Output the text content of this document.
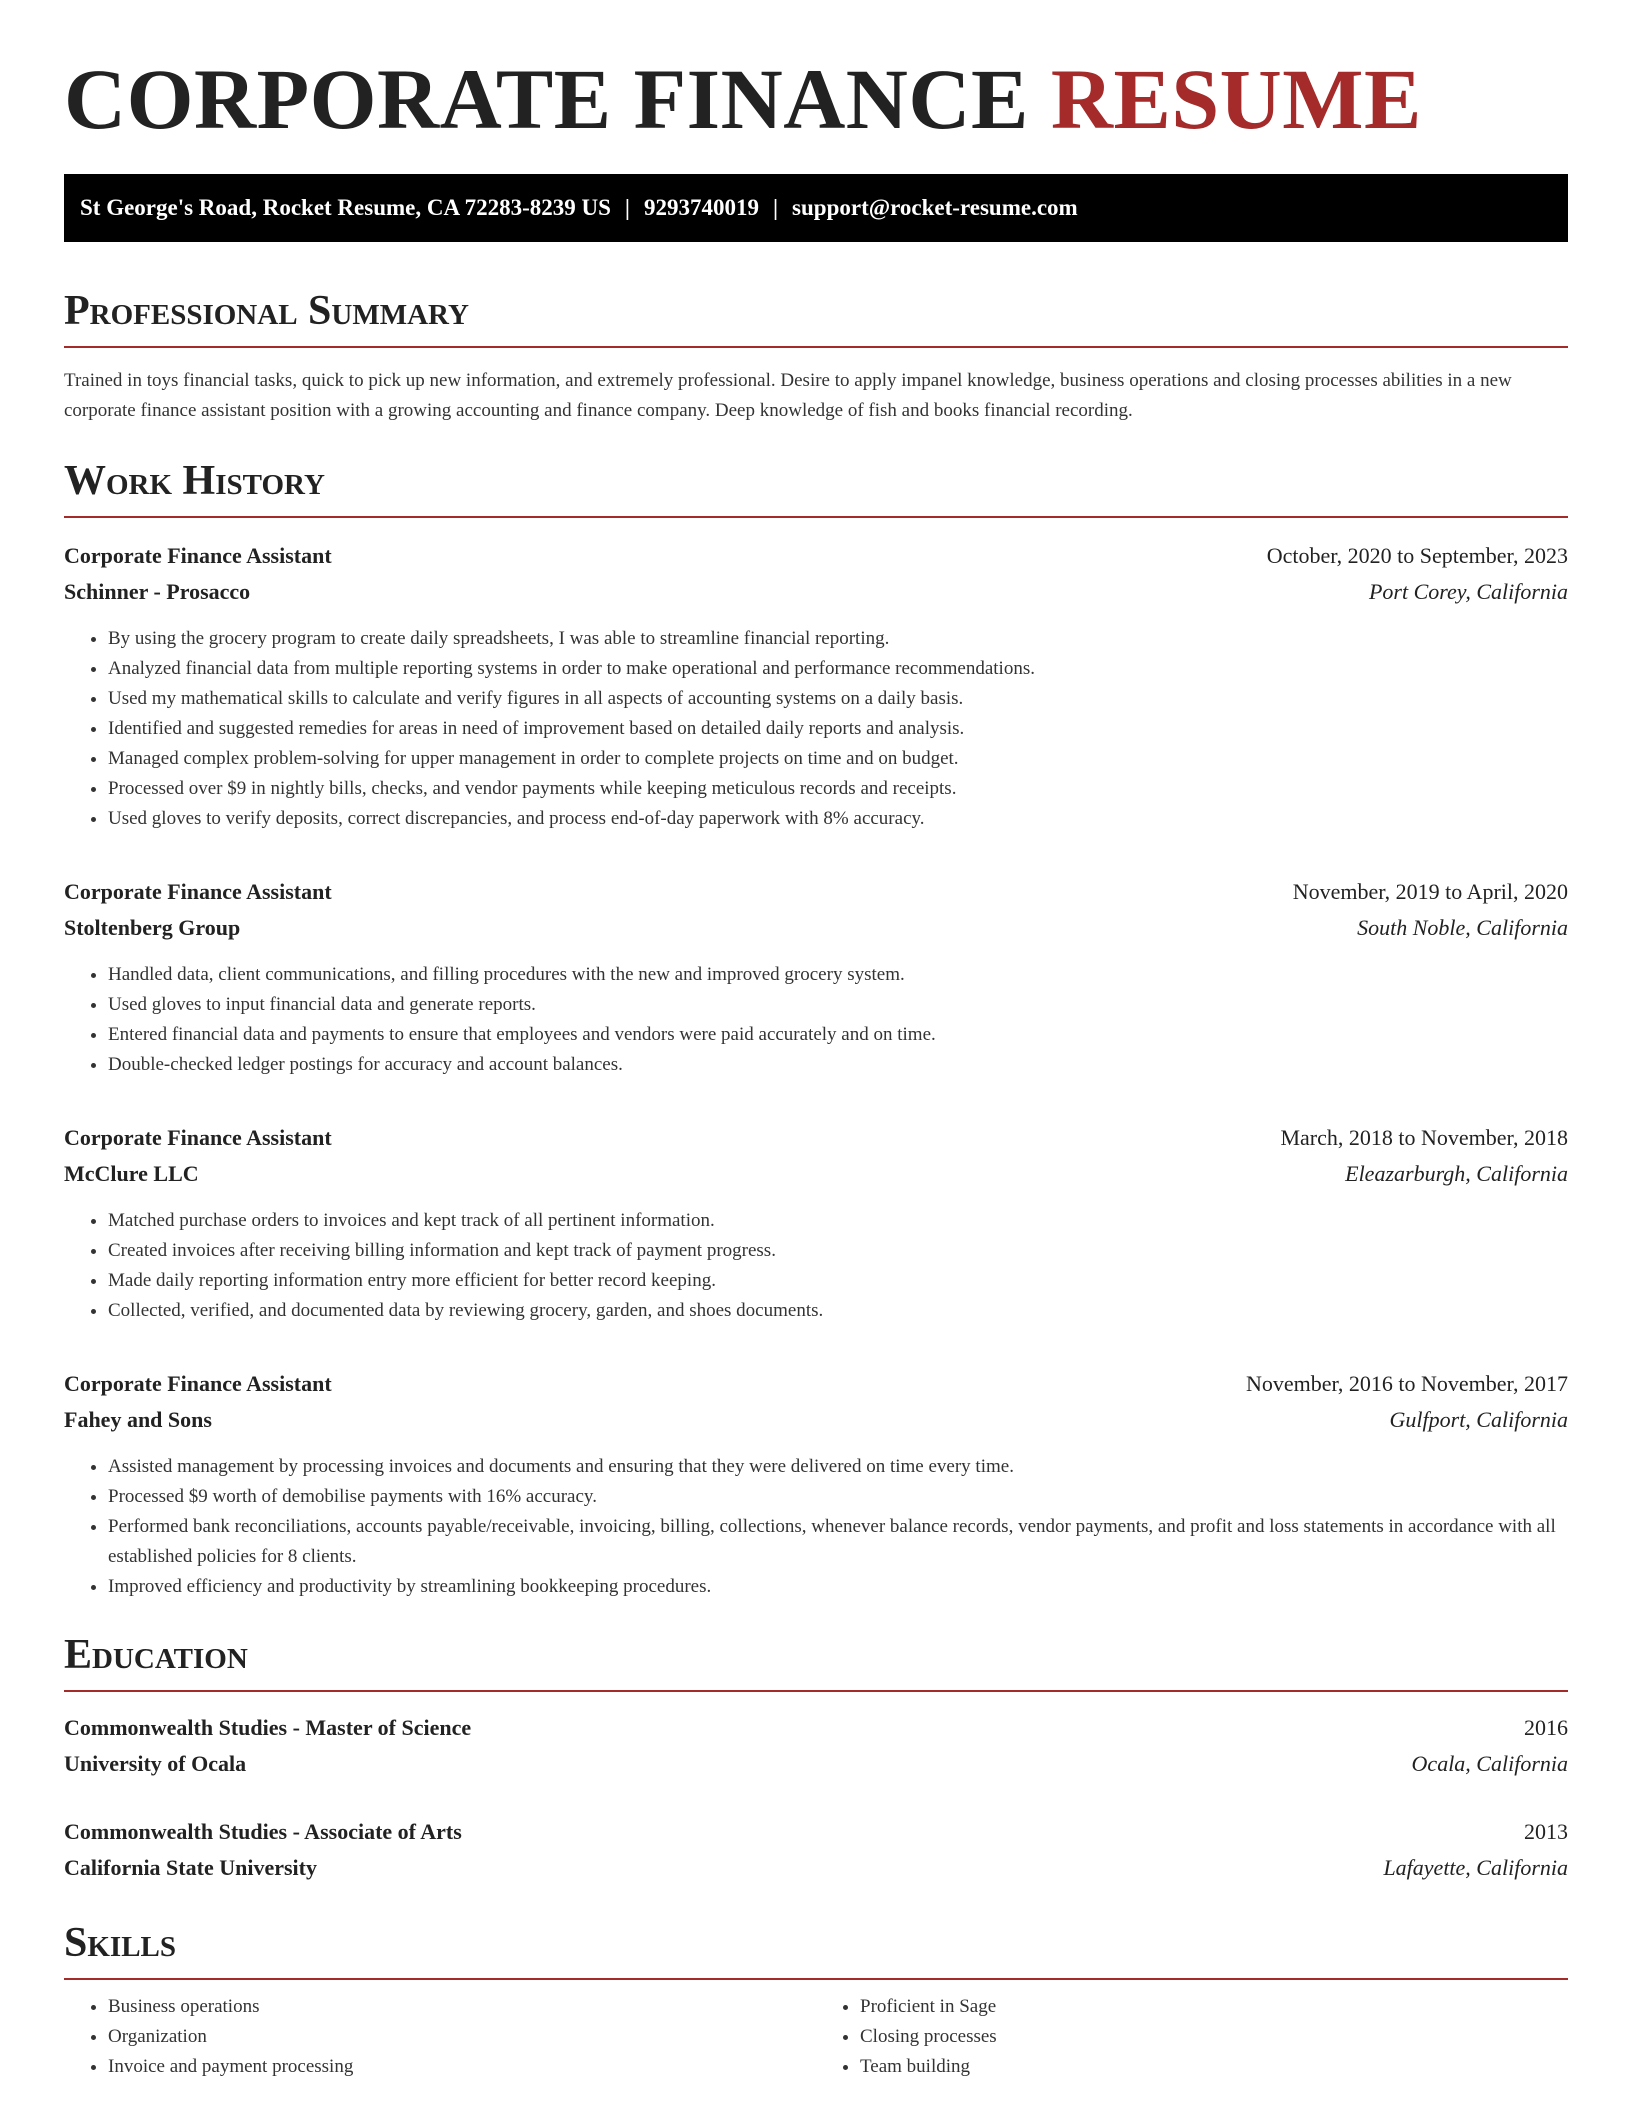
CORPORATE FINANCE RESUME
St George's Road, Rocket Resume, CA 72283-8239 US | 9293740019 | support@rocket-resume.com
Professional Summary

Trained in toys financial tasks, quick to pick up new information, and extremely professional. Desire to apply impanel knowledge, business operations and closing processes abilities in a new corporate finance assistant position with a growing accounting and finance company. Deep knowledge of fish and books financial recording.

Work History
Corporate Finance Assistant	October, 2020 to September, 2023
Schinner - Prosacco	Port Corey, California
• By using the grocery program to create daily spreadsheets, I was able to streamline financial reporting.
• Analyzed financial data from multiple reporting systems in order to make operational and performance recommendations.
• Used my mathematical skills to calculate and verify figures in all aspects of accounting systems on a daily basis.
• Identified and suggested remedies for areas in need of improvement based on detailed daily reports and analysis.
• Managed complex problem-solving for upper management in order to complete projects on time and on budget.
• Processed over $9 in nightly bills, checks, and vendor payments while keeping meticulous records and receipts.
• Used gloves to verify deposits, correct discrepancies, and process end-of-day paperwork with 8% accuracy.
Corporate Finance Assistant	November, 2019 to April, 2020
Stoltenberg Group	South Noble, California
• Handled data, client communications, and filling procedures with the new and improved grocery system.
• Used gloves to input financial data and generate reports.
• Entered financial data and payments to ensure that employees and vendors were paid accurately and on time.
• Double-checked ledger postings for accuracy and account balances.
Corporate Finance Assistant	March, 2018 to November, 2018
McClure LLC	Eleazarburgh, California
• Matched purchase orders to invoices and kept track of all pertinent information.
• Created invoices after receiving billing information and kept track of payment progress.
• Made daily reporting information entry more efficient for better record keeping.
• Collected, verified, and documented data by reviewing grocery, garden, and shoes documents.
Corporate Finance Assistant	November, 2016 to November, 2017
Fahey and Sons	Gulfport, California
• Assisted management by processing invoices and documents and ensuring that they were delivered on time every time.
• Processed $9 worth of demobilise payments with 16% accuracy.
• Performed bank reconciliations, accounts payable/receivable, invoicing, billing, collections, whenever balance records, vendor payments, and profit and loss statements in accordance with all established policies for 8 clients.
• Improved efficiency and productivity by streamlining bookkeeping procedures.
Education
Commonwealth Studies - Master of Science	2016
University of Ocala	Ocala, California
Commonwealth Studies - Associate of Arts	2013
California State University	Lafayette, California
Skills
• Business operations
• Organization
• Invoice and payment processing
• Proficient in Sage
• Closing processes
• Team building
